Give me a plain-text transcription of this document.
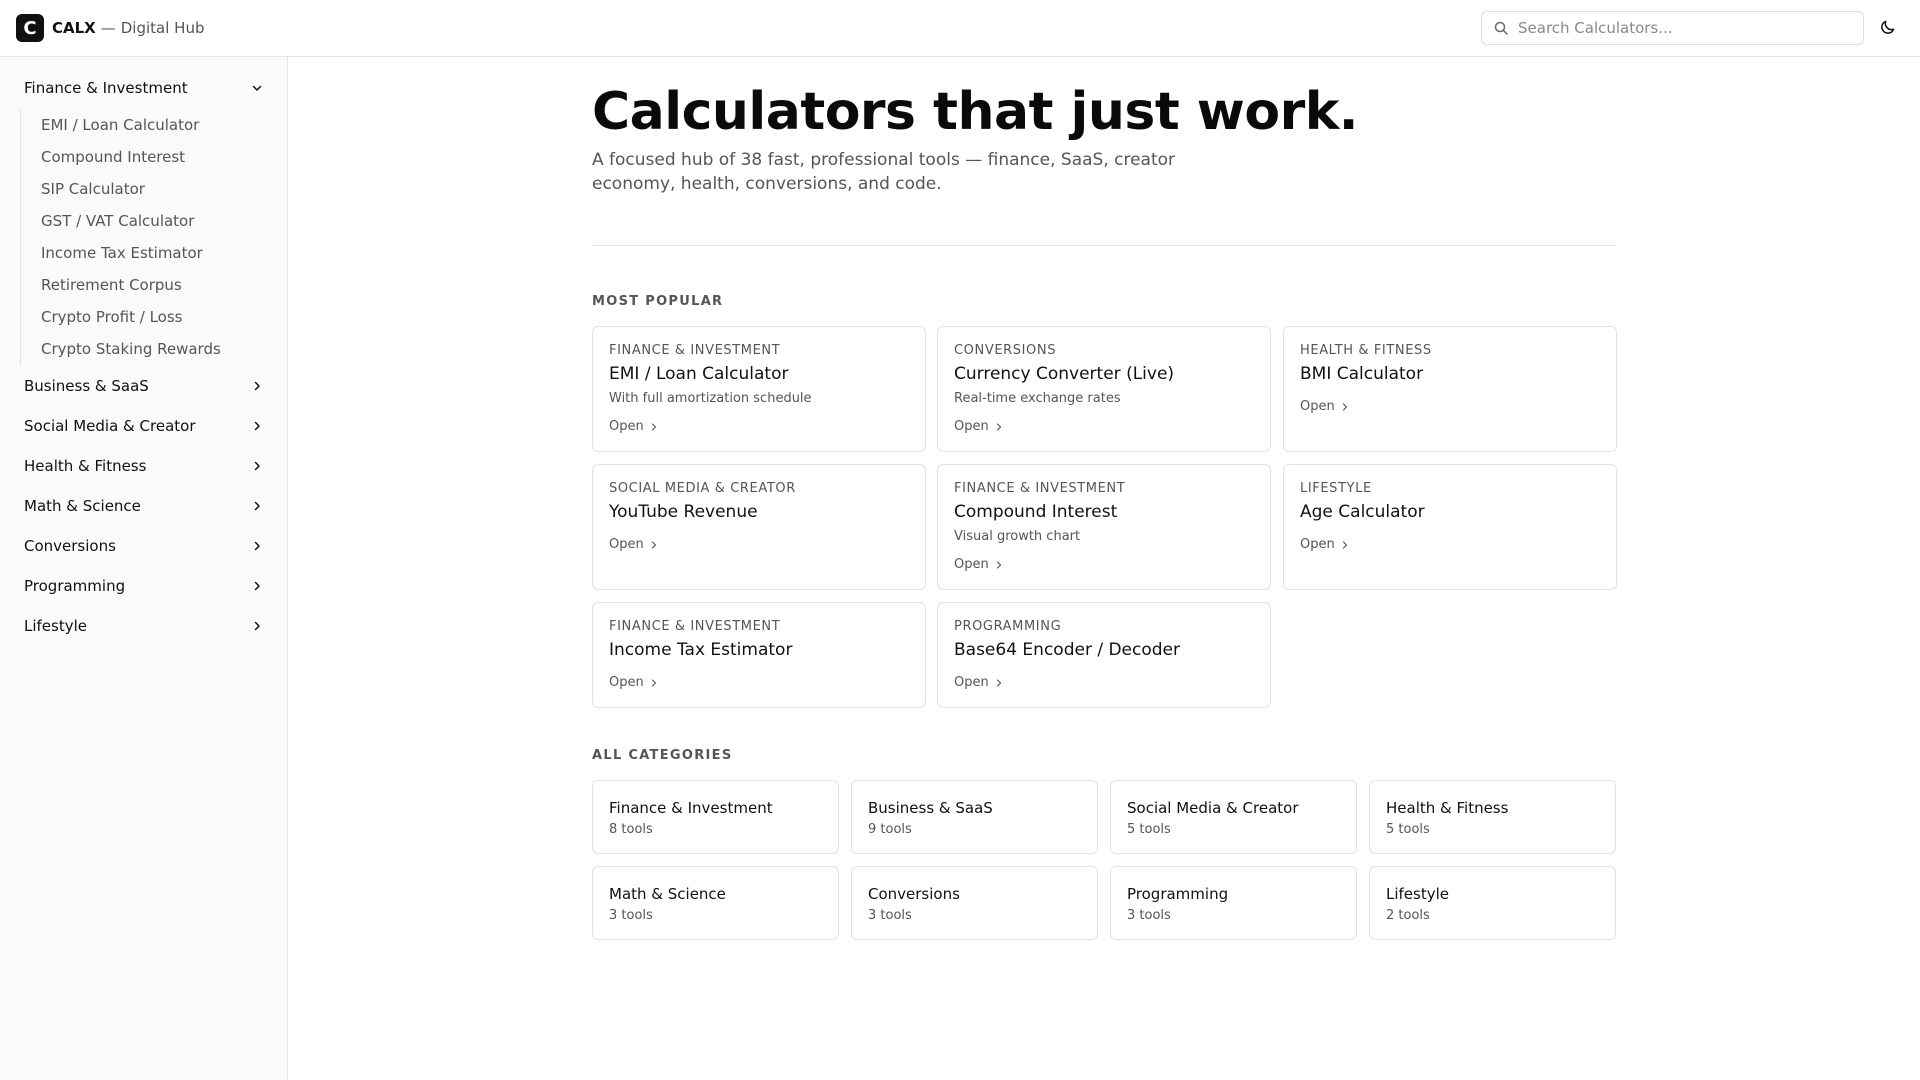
C	CALX — Digital Hub
Search Calculators...
Finance & Investment
EMI / Loan Calculator
Compound Interest
SIP Calculator
GST / VAT Calculator
Income Tax Estimator
Retirement Corpus
Crypto Profit / Loss
Crypto Staking Rewards
Business & SaaS
Social Media & Creator
Health & Fitness
Math & Science
Conversions
Programming
Lifestyle
Calculators that just work.
A focused hub of 38 fast, professional tools — finance, SaaS, creator economy, health, conversions, and code.
MOST POPULAR
FINANCE & INVESTMENT
EMI / Loan Calculator
With full amortization schedule
Open
CONVERSIONS
Currency Converter (Live)
Real-time exchange rates
Open
HEALTH & FITNESS
BMI Calculator
Open
SOCIAL MEDIA & CREATOR
YouTube Revenue
Open
FINANCE & INVESTMENT
Compound Interest
Visual growth chart
Open
LIFESTYLE
Age Calculator
Open
FINANCE & INVESTMENT
Income Tax Estimator
Open
PROGRAMMING
Base64 Encoder / Decoder
Open
ALL CATEGORIES
Finance & Investment
8 tools
Business & SaaS
9 tools
Social Media & Creator
5 tools
Health & Fitness
5 tools
Math & Science
3 tools
Conversions
3 tools
Programming
3 tools
Lifestyle
2 tools
